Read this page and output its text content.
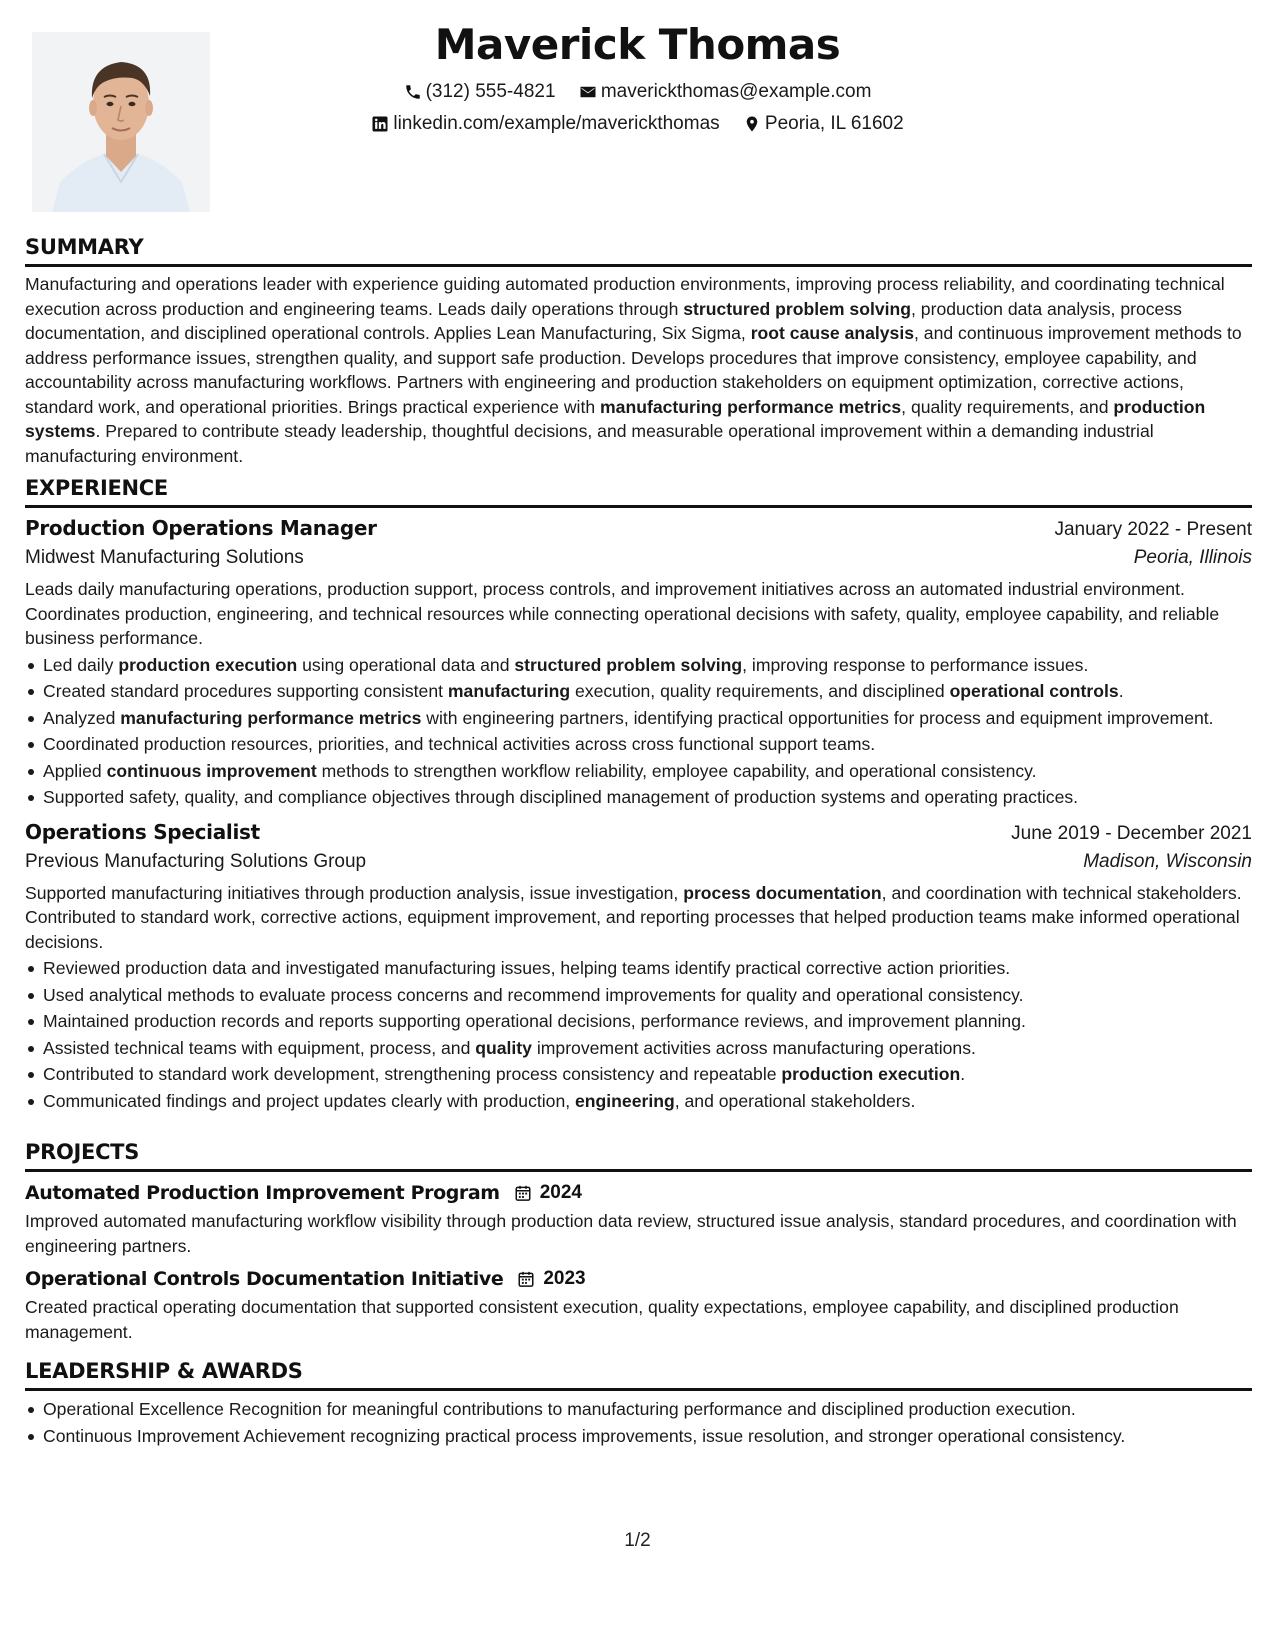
Maverick Thomas
(312) 555-4821
maverickthomas@example.com
linkedin.com/example/maverickthomas
Peoria, IL 61602
SUMMARY

Manufacturing and operations leader with experience guiding automated production environments, improving process reliability, and coordinating technical execution across production and engineering teams. Leads daily operations through structured problem solving, production data analysis, process documentation, and disciplined operational controls. Applies Lean Manufacturing, Six Sigma, root cause analysis, and continuous improvement methods to address performance issues, strengthen quality, and support safe production. Develops procedures that improve consistency, employee capability, and accountability across manufacturing workflows. Partners with engineering and production stakeholders on equipment optimization, corrective actions, standard work, and operational priorities. Brings practical experience with manufacturing performance metrics, quality requirements, and production systems. Prepared to contribute steady leadership, thoughtful decisions, and measurable operational improvement within a demanding industrial manufacturing environment.

EXPERIENCE
Production Operations Manager	January 2022 - Present
Midwest Manufacturing Solutions	Peoria, Illinois

Leads daily manufacturing operations, production support, process controls, and improvement initiatives across an automated industrial environment. Coordinates production, engineering, and technical resources while connecting operational decisions with safety, quality, employee capability, and reliable business performance.

Led daily production execution using operational data and structured problem solving, improving response to performance issues.
Created standard procedures supporting consistent manufacturing execution, quality requirements, and disciplined operational controls.
Analyzed manufacturing performance metrics with engineering partners, identifying practical opportunities for process and equipment improvement.
Coordinated production resources, priorities, and technical activities across cross functional support teams.
Applied continuous improvement methods to strengthen workflow reliability, employee capability, and operational consistency.
Supported safety, quality, and compliance objectives through disciplined management of production systems and operating practices.
Operations Specialist	June 2019 - December 2021
Previous Manufacturing Solutions Group	Madison, Wisconsin

Supported manufacturing initiatives through production analysis, issue investigation, process documentation, and coordination with technical stakeholders. Contributed to standard work, corrective actions, equipment improvement, and reporting processes that helped production teams make informed operational decisions.

Reviewed production data and investigated manufacturing issues, helping teams identify practical corrective action priorities.
Used analytical methods to evaluate process concerns and recommend improvements for quality and operational consistency.
Maintained production records and reports supporting operational decisions, performance reviews, and improvement planning.
Assisted technical teams with equipment, process, and quality improvement activities across manufacturing operations.
Contributed to standard work development, strengthening process consistency and repeatable production execution.
Communicated findings and project updates clearly with production, engineering, and operational stakeholders.
PROJECTS
Automated Production Improvement Program 2024

Improved automated manufacturing workflow visibility through production data review, structured issue analysis, standard procedures, and coordination with engineering partners.

Operational Controls Documentation Initiative 2023

Created practical operating documentation that supported consistent execution, quality expectations, employee capability, and disciplined production management.

LEADERSHIP & AWARDS
Operational Excellence Recognition for meaningful contributions to manufacturing performance and disciplined production execution.
Continuous Improvement Achievement recognizing practical process improvements, issue resolution, and stronger operational consistency.
1/2
